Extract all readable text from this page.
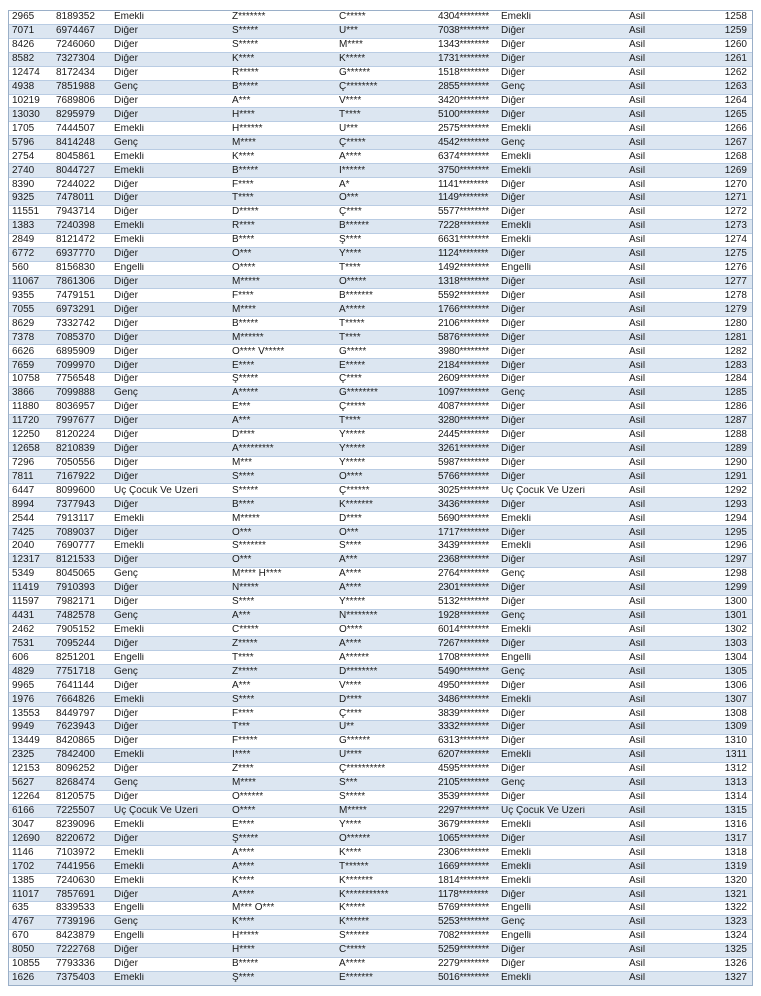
2965	8189352	Emekli	Z*******	C*****	4304********	Emekli	Asil	1258
7071	6974467	Diğer	S*****	Ü***	7038********	Diğer	Asil	1259
8426	7246060	Diğer	S*****	M****	1343********	Diğer	Asil	1260
8582	7327304	Diğer	K****	K*****	1731********	Diğer	Asil	1261
12474	8172434	Diğer	R*****	G******	1518********	Diğer	Asil	1262
4938	7851988	Genç	B*****	Ç********	2855********	Genç	Asil	1263
10219	7689806	Diğer	A***	V****	3420********	Diğer	Asil	1264
13030	8295979	Diğer	H****	T****	5100********	Diğer	Asil	1265
1705	7444507	Emekli	H******	Ü***	2575********	Emekli	Asil	1266
5796	8414248	Genç	M****	Ç*****	4542********	Genç	Asil	1267
2754	8045861	Emekli	K****	A****	6374********	Emekli	Asil	1268
2740	8044727	Emekli	B*****	İ******	3750********	Emekli	Asil	1269
8390	7244022	Diğer	F****	A*	1141********	Diğer	Asil	1270
9325	7478011	Diğer	T****	Ö***	1149********	Diğer	Asil	1271
11551	7943714	Diğer	D*****	Ç****	5577********	Diğer	Asil	1272
1383	7240398	Emekli	R****	B******	7228********	Emekli	Asil	1273
2849	8121472	Emekli	B****	Ş****	6631********	Emekli	Asil	1274
6772	6937770	Diğer	Ö***	Y****	1124********	Diğer	Asil	1275
560	8156830	Engelli	O****	T****	1492********	Engelli	Asil	1276
11067	7861306	Diğer	M*****	Ö*****	1318********	Diğer	Asil	1277
9355	7479151	Diğer	F****	B*******	5592********	Diğer	Asil	1278
7055	6973291	Diğer	M****	A*****	1766********	Diğer	Asil	1279
8629	7332742	Diğer	B*****	T*****	2106********	Diğer	Asil	1280
7378	7085370	Diğer	M******	T****	5876********	Diğer	Asil	1281
6626	6895909	Diğer	O**** V*****	G*****	3980********	Diğer	Asil	1282
7659	7099970	Diğer	E****	E*****	2184********	Diğer	Asil	1283
10758	7756548	Diğer	Ş*****	Ç****	2609********	Diğer	Asil	1284
3866	7099888	Genç	A*****	G********	1097********	Genç	Asil	1285
11880	8036957	Diğer	E***	Ç*****	4087********	Diğer	Asil	1286
11720	7997677	Diğer	A***	T****	3280********	Diğer	Asil	1287
12250	8120224	Diğer	D****	Y*****	2445********	Diğer	Asil	1288
12658	8210839	Diğer	A*********	Y*****	3261********	Diğer	Asil	1289
7296	7050556	Diğer	M***	Y*****	5987********	Diğer	Asil	1290
7811	7167922	Diğer	S****	O****	5766********	Diğer	Asil	1291
6447	8099600	Üç Çocuk Ve Üzeri	S*****	Ç******	3025********	Üç Çocuk Ve Üzeri	Asil	1292
8994	7377943	Diğer	B****	K*******	3436********	Diğer	Asil	1293
2544	7913117	Emekli	M*****	D****	5690********	Emekli	Asil	1294
7425	7089037	Diğer	O***	Ö***	1717********	Diğer	Asil	1295
2040	7690777	Emekli	S*******	S****	3439********	Emekli	Asil	1296
12317	8121533	Diğer	Ö***	A***	2368********	Diğer	Asil	1297
5349	8045065	Genç	M**** H****	A****	2764********	Genç	Asil	1298
11419	7910393	Diğer	N*****	A****	2301********	Diğer	Asil	1299
11597	7982171	Diğer	S****	Y*****	5132********	Diğer	Asil	1300
4431	7482578	Genç	A***	N********	1928********	Genç	Asil	1301
2462	7905152	Emekli	C*****	Ö****	6014********	Emekli	Asil	1302
7531	7095244	Diğer	Z*****	A****	7267********	Diğer	Asil	1303
606	8251201	Engelli	T****	A******	1708********	Engelli	Asil	1304
4829	7751718	Genç	Z*****	D********	5490********	Genç	Asil	1305
9965	7641144	Diğer	A***	V****	4950********	Diğer	Asil	1306
1976	7664826	Emekli	S****	D****	3486********	Emekli	Asil	1307
13553	8449797	Diğer	F****	Ç****	3839********	Diğer	Asil	1308
9949	7623943	Diğer	T***	U**	3332********	Diğer	Asil	1309
13449	8420865	Diğer	F*****	G******	6313********	Diğer	Asil	1310
2325	7842400	Emekli	İ****	Ü****	6207********	Emekli	Asil	1311
12153	8096252	Diğer	Z****	Ç**********	4595********	Diğer	Asil	1312
5627	8268474	Genç	M****	S***	2105********	Genç	Asil	1313
12264	8120575	Diğer	O******	S*****	3539********	Diğer	Asil	1314
6166	7225507	Üç Çocuk Ve Üzeri	Ö****	M*****	2297********	Üç Çocuk Ve Üzeri	Asil	1315
3047	8239096	Emekli	E****	Y****	3679********	Emekli	Asil	1316
12690	8220672	Diğer	Ş*****	Ö******	1065********	Diğer	Asil	1317
1146	7103972	Emekli	A****	K****	2306********	Emekli	Asil	1318
1702	7441956	Emekli	A****	T******	1669********	Emekli	Asil	1319
1385	7240630	Emekli	K****	K*******	1814********	Emekli	Asil	1320
11017	7857691	Diğer	A****	K***********	1178********	Diğer	Asil	1321
635	8339533	Engelli	M*** O***	K*****	5769********	Engelli	Asil	1322
4767	7739196	Genç	K****	K******	5253********	Genç	Asil	1323
670	8423879	Engelli	H*****	S******	7082********	Engelli	Asil	1324
8050	7222768	Diğer	H****	C*****	5259********	Diğer	Asil	1325
10855	7793336	Diğer	B*****	A*****	2279********	Diğer	Asil	1326
1626	7375403	Emekli	Ş****	E*******	5016********	Emekli	Asil	1327
